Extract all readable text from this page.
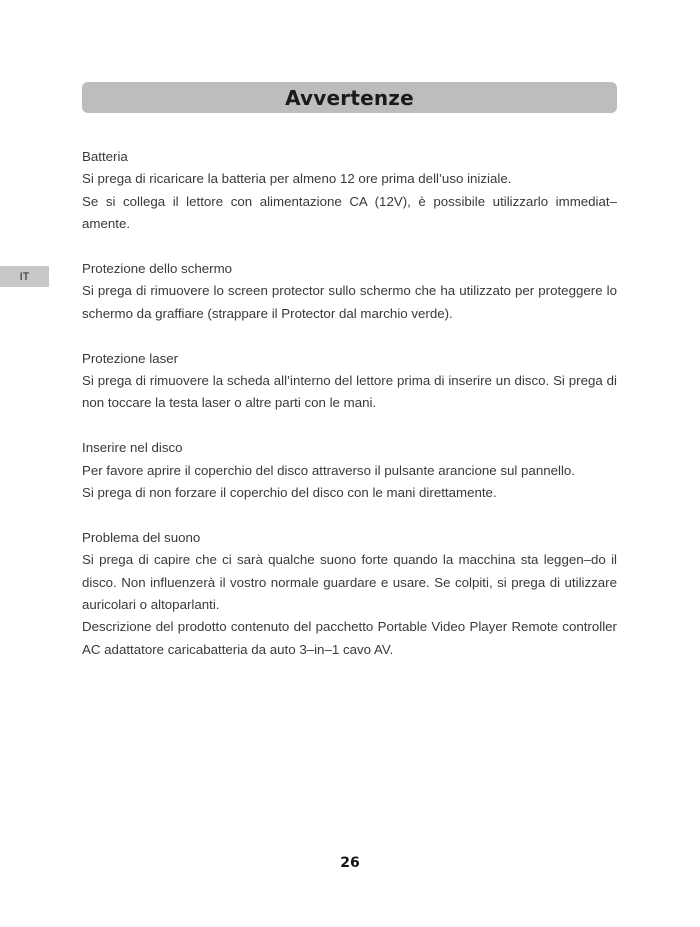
Avvertenze
IT

Batteria

Si prega di ricaricare la batteria per almeno 12 ore prima dell’uso iniziale.

Se si collega il lettore con alimentazione CA (12V), è possibile utilizzarlo immediat–amente.

Protezione dello schermo

Si prega di rimuovere lo screen protector sullo schermo che ha utilizzato per proteggere lo schermo da graffiare (strappare il Protector dal marchio verde).

Protezione laser

Si prega di rimuovere la scheda all’interno del lettore prima di inserire un disco. Si prega di non toccare la testa laser o altre parti con le mani.

Inserire nel disco

Per favore aprire il coperchio del disco attraverso il pulsante arancione sul pannello.

Si prega di non forzare il coperchio del disco con le mani direttamente.

Problema del suono

Si prega di capire che ci sarà qualche suono forte quando la macchina sta leggen–do il disco. Non influenzerà il vostro normale guardare e usare. Se colpiti, si prega di utilizzare auricolari o altoparlanti.

Descrizione del prodotto contenuto del pacchetto Portable Video Player Remote controller AC adattatore caricabatteria da auto 3–in–1 cavo AV.

26
